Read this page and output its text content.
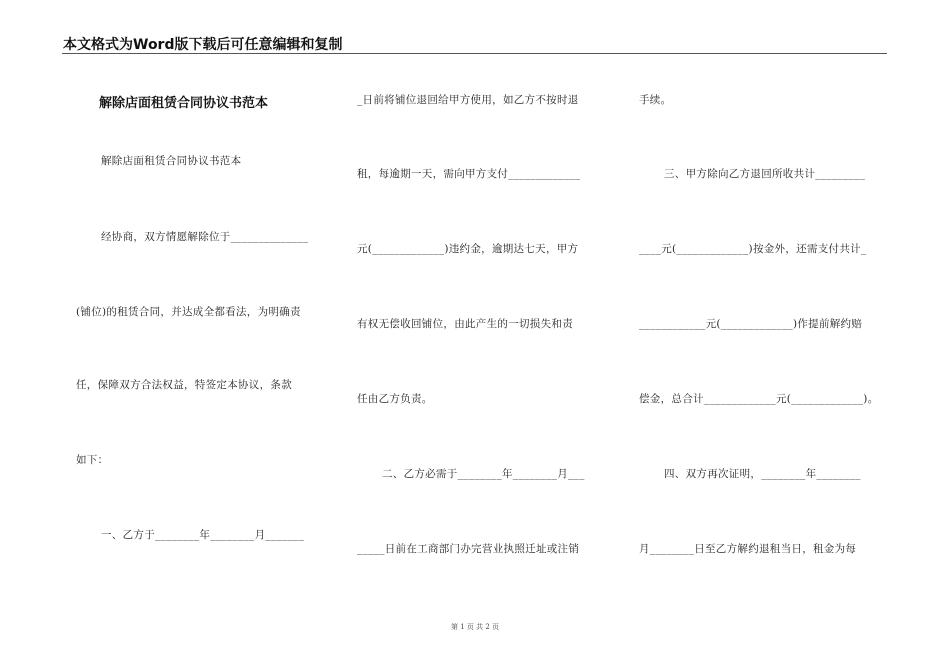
本文格式为Word版下载后可任意编辑和复制
解除店面租赁合同协议书范本
解除店面租赁合同协议书范本
经协商，双方情愿解除位于______________
(铺位)的租赁合同，并达成全都看法，为明确责
任，保障双方合法权益，特签定本协议，条款
如下：
一、乙方于________年________月_______
_日前将铺位退回给甲方使用，如乙方不按时退
租，每逾期一天，需向甲方支付_____________
元(_____________)违约金，逾期达七天，甲方
有权无偿收回铺位，由此产生的一切损失和责
任由乙方负责。
二、乙方必需于________年________月___
_____日前在工商部门办完营业执照迁址或注销
手续。
三、甲方除向乙方退回所收共计_________
____元(_____________)按金外，还需支付共计_
____________元(_____________)作提前解约赔
偿金，总合计_____________元(_____________)。
四、双方再次证明，________年________
月________日至乙方解约退租当日，租金为每
第 1 页 共 2 页
